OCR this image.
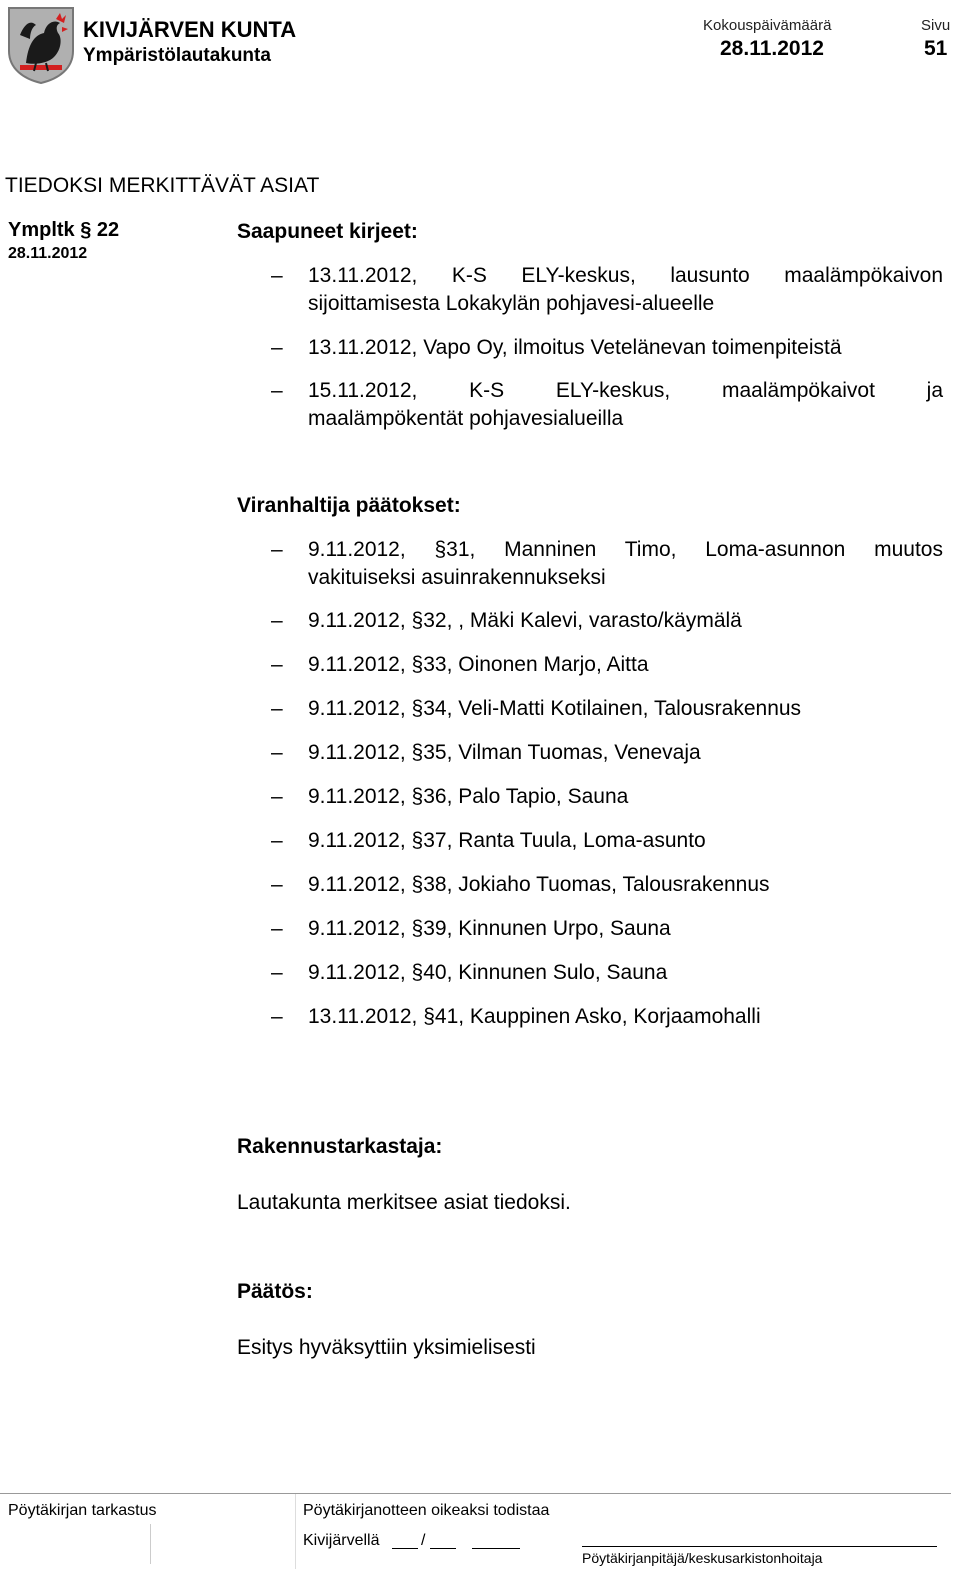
KIVIJÄRVEN KUNTA
Ympäristölautakunta
Kokouspäivämäärä
28.11.2012
Sivu
51
TIEDOKSI MERKITTÄVÄT ASIAT
Ympltk § 22
28.11.2012
Saapuneet kirjeet:
– 13.11.2012, K-S ELY-keskus, lausunto maalämpökaivon
sijoittamisesta Lokakylän pohjavesi-alueelle
– 13.11.2012, Vapo Oy, ilmoitus Vetelänevan toimenpiteistä
– 15.11.2012, K-S ELY-keskus, maalämpökaivot ja
maalämpökentät pohjavesialueilla
Viranhaltija päätokset:
– 9.11.2012, §31, Manninen Timo, Loma-asunnon muutos
vakituiseksi asuinrakennukseksi
– 9.11.2012, §32, , Mäki Kalevi, varasto/käymälä
– 9.11.2012, §33, Oinonen Marjo, Aitta
– 9.11.2012, §34, Veli-Matti Kotilainen, Talousrakennus
– 9.11.2012, §35, Vilman Tuomas, Venevaja
– 9.11.2012, §36, Palo Tapio, Sauna
– 9.11.2012, §37, Ranta Tuula, Loma-asunto
– 9.11.2012, §38, Jokiaho Tuomas, Talousrakennus
– 9.11.2012, §39, Kinnunen Urpo, Sauna
– 9.11.2012, §40, Kinnunen Sulo, Sauna
– 13.11.2012, §41, Kauppinen Asko, Korjaamohalli
Rakennustarkastaja:
Lautakunta merkitsee asiat tiedoksi.
Päätös:
Esitys hyväksyttiin yksimielisesti
Pöytäkirjan tarkastus	Pöytäkirjanotteen oikeaksi todistaa
Kivijärvellä	/
Pöytäkirjanpitäjä/keskusarkistonhoitaja
